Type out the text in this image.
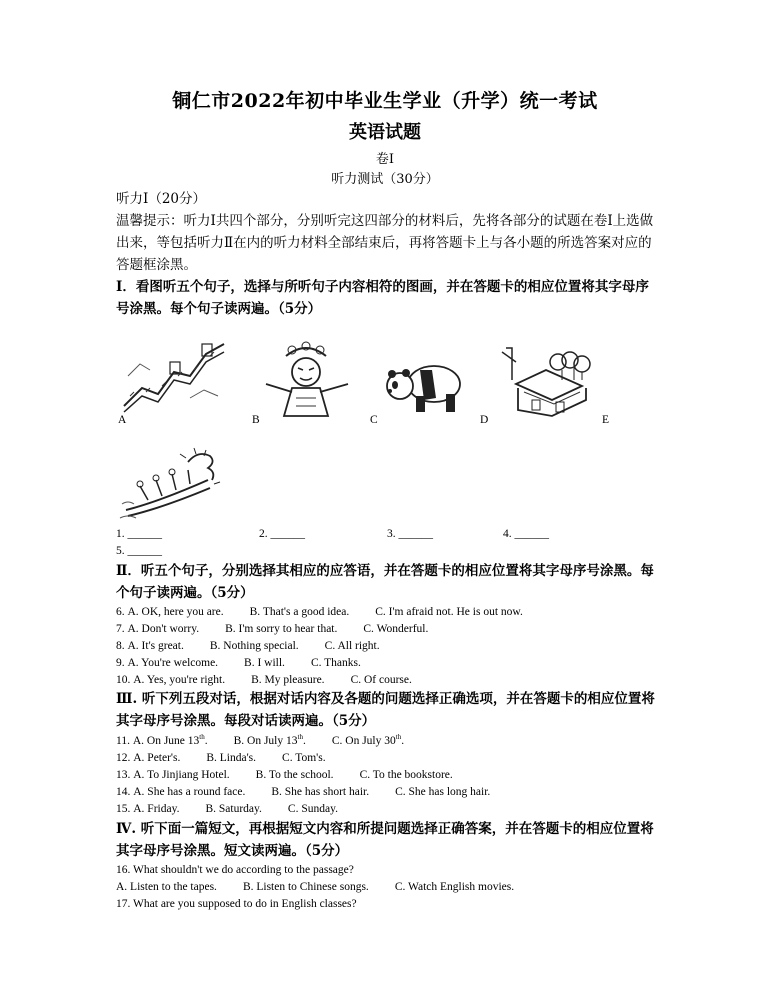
铜仁市2022年初中毕业生学业（升学）统一考试
英语试题
卷Ⅰ
听力测试（30分）
听力Ⅰ（20分）
温馨提示：听力Ⅰ共四个部分，分别听完这四部分的材料后，先将各部分的试题在卷Ⅰ上选做出来，等包括听力Ⅱ在内的听力材料全部结束后，再将答题卡上与各小题的所选答案对应的答题框涂黑。
Ⅰ．看图听五个句子，选择与所听句子内容相符的图画，并在答题卡的相应位置将其字母序号涂黑。每个句子读两遍。（5分）
A	B	C	D	E
1. ______	2. ______	3. ______	4. ______
5. ______
Ⅱ．听五个句子，分别选择其相应的应答语，并在答题卡的相应位置将其字母序号涂黑。每个句子读两遍。（5分）
6. A. OK, here you are. B. That's a good idea. C. I'm afraid not. He is out now.
7. A. Don't worry. B. I'm sorry to hear that. C. Wonderful.
8. A. It's great. B. Nothing special. C. All right.
9. A. You're welcome. B. I will. C. Thanks.
10. A. Yes, you're right. B. My pleasure. C. Of course.
Ⅲ. 听下列五段对话，根据对话内容及各题的问题选择正确选项，并在答题卡的相应位置将其字母序号涂黑。每段对话读两遍。（5分）
11. A. On June 13th. B. On July 13th. C. On July 30th.
12. A. Peter's. B. Linda's. C. Tom's.
13. A. To Jinjiang Hotel. B. To the school. C. To the bookstore.
14. A. She has a round face. B. She has short hair. C. She has long hair.
15. A. Friday. B. Saturday. C. Sunday.
Ⅳ. 听下面一篇短文，再根据短文内容和所提问题选择正确答案，并在答题卡的相应位置将其字母序号涂黑。短文读两遍。（5分）
16. What shouldn't we do according to the passage?
A. Listen to the tapes. B. Listen to Chinese songs. C. Watch English movies.
17. What are you supposed to do in English classes?
